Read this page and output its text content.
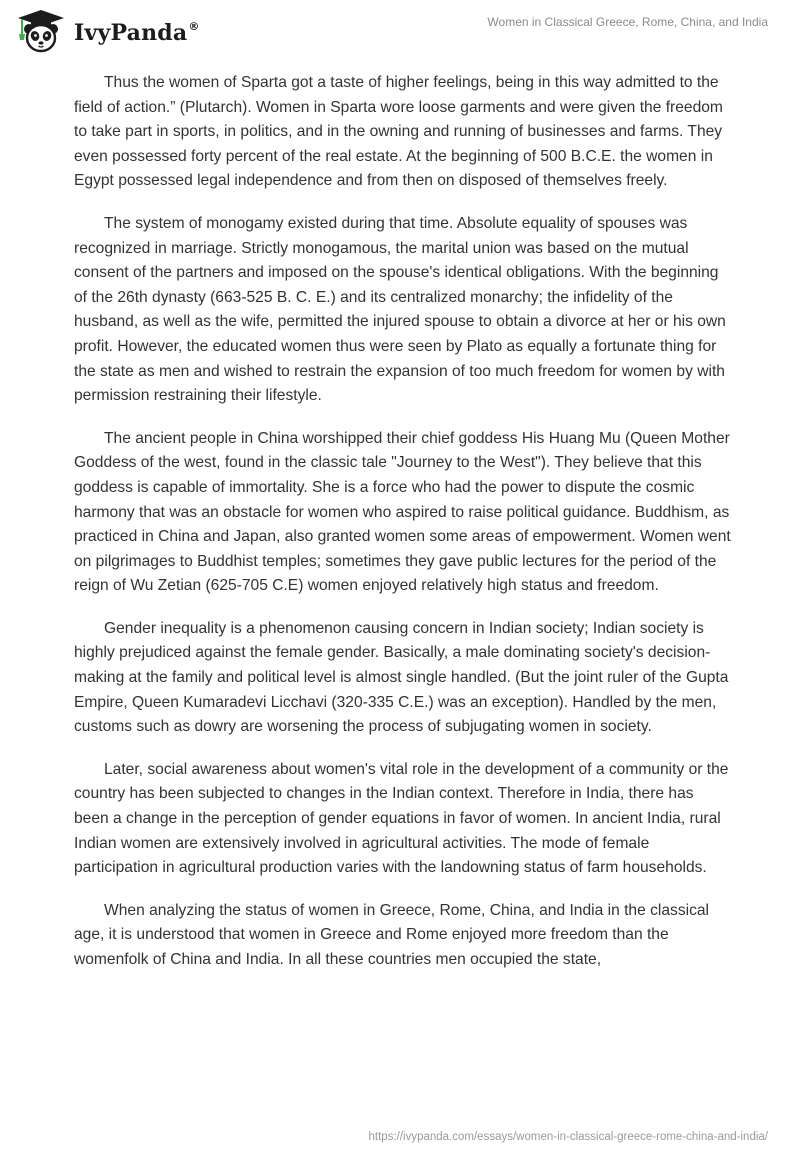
IvyPanda®	Women in Classical Greece, Rome, China, and India

Thus the women of Sparta got a taste of higher feelings, being in this way admitted to the field of action.” (Plutarch). Women in Sparta wore loose garments and were given the freedom to take part in sports, in politics, and in the owning and running of businesses and farms. They even possessed forty percent of the real estate. At the beginning of 500 B.C.E. the women in Egypt possessed legal independence and from then on disposed of themselves freely.

The system of monogamy existed during that time. Absolute equality of spouses was recognized in marriage. Strictly monogamous, the marital union was based on the mutual consent of the partners and imposed on the spouse's identical obligations. With the beginning of the 26th dynasty (663-525 B. C. E.) and its centralized monarchy; the infidelity of the husband, as well as the wife, permitted the injured spouse to obtain a divorce at her or his own profit. However, the educated women thus were seen by Plato as equally a fortunate thing for the state as men and wished to restrain the expansion of too much freedom for women by with permission restraining their lifestyle.

The ancient people in China worshipped their chief goddess His Huang Mu (Queen Mother Goddess of the west, found in the classic tale "Journey to the West"). They believe that this goddess is capable of immortality. She is a force who had the power to dispute the cosmic harmony that was an obstacle for women who aspired to raise political guidance. Buddhism, as practiced in China and Japan, also granted women some areas of empowerment. Women went on pilgrimages to Buddhist temples; sometimes they gave public lectures for the period of the reign of Wu Zetian (625-705 C.E) women enjoyed relatively high status and freedom.

Gender inequality is a phenomenon causing concern in Indian society; Indian society is highly prejudiced against the female gender. Basically, a male dominating society's decision-making at the family and political level is almost single handled. (But the joint ruler of the Gupta Empire, Queen Kumaradevi Licchavi (320-335 C.E.) was an exception). Handled by the men, customs such as dowry are worsening the process of subjugating women in society.

Later, social awareness about women's vital role in the development of a community or the country has been subjected to changes in the Indian context. Therefore in India, there has been a change in the perception of gender equations in favor of women. In ancient India, rural Indian women are extensively involved in agricultural activities. The mode of female participation in agricultural production varies with the landowning status of farm households.

When analyzing the status of women in Greece, Rome, China, and India in the classical age, it is understood that women in Greece and Rome enjoyed more freedom than the womenfolk of China and India. In all these countries men occupied the state,

https://ivypanda.com/essays/women-in-classical-greece-rome-china-and-india/
